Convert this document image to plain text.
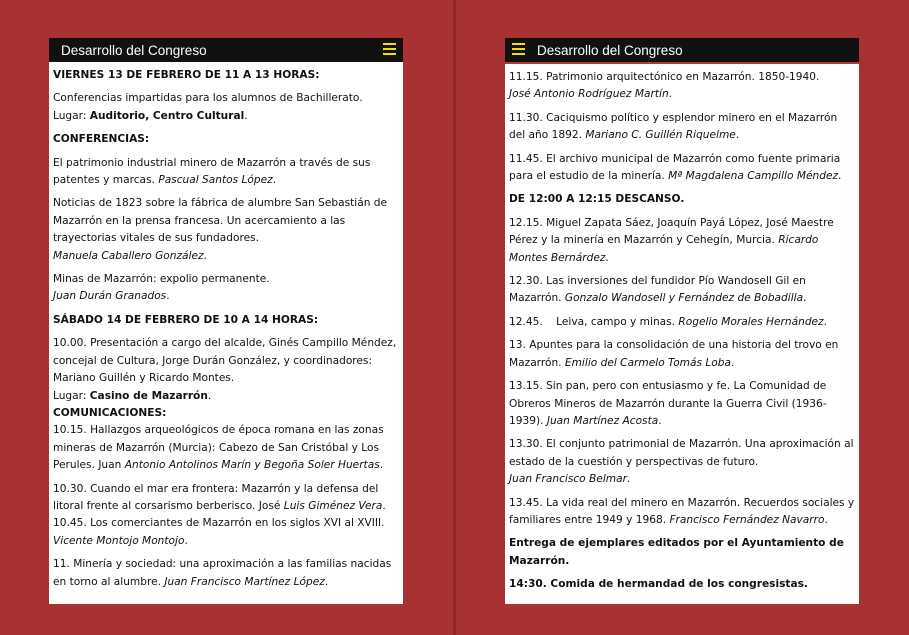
Desarrollo del Congreso

VIERNES 13 DE FEBRERO DE 11 A 13 HORAS:

Conferencias impartidas para los alumnos de Bachillerato.

Lugar: Auditorio, Centro Cultural.

CONFERENCIAS:

El patrimonio industrial minero de Mazarrón a través de sus patentes y marcas. Pascual Santos López.

Noticias de 1823 sobre la fábrica de alumbre San Sebastián de Mazarrón en la prensa francesa. Un acercamiento a las trayectorias vitales de sus fundadores.
Manuela Caballero González.

Minas de Mazarrón: expolio permanente.
Juan Durán Granados.

SÁBADO 14 DE FEBRERO DE 10 A 14 HORAS:

10.00. Presentación a cargo del alcalde, Ginés Campillo Méndez, concejal de Cultura, Jorge Durán González, y coordinadores: Mariano Guillén y Ricardo Montes.

Lugar: Casino de Mazarrón.

COMUNICACIONES:

10.15. Hallazgos arqueológicos de época romana en las zonas mineras de Mazarrón (Murcia): Cabezo de San Cristóbal y Los Perules. Juan Antonio Antolinos Marín y Begoña Soler Huertas.

10.30. Cuando el mar era frontera: Mazarrón y la defensa del litoral frente al corsarismo berberisco. José Luis Giménez Vera.

10.45. Los comerciantes de Mazarrón en los siglos XVI al XVIII. Vicente Montojo Montojo.

11. Minería y sociedad: una aproximación a las familias nacidas en torno al alumbre. Juan Francisco Martínez López.

Desarrollo del Congreso

11.15. Patrimonio arquitectónico en Mazarrón. 1850-1940.
José Antonio Rodríguez Martín.

11.30. Caciquismo político y esplendor minero en el Mazarrón del año 1892. Mariano C. Guillén Riquelme.

11.45. El archivo municipal de Mazarrón como fuente primaria para el estudio de la minería. Mª Magdalena Campillo Méndez.

DE 12:00 A 12:15 DESCANSO.

12.15. Miguel Zapata Sáez, Joaquín Payá López, José Maestre Pérez y la minería en Mazarrón y Cehegín, Murcia. Ricardo Montes Bernárdez.

12.30. Las inversiones del fundidor Pío Wandosell Gil en Mazarrón. Gonzalo Wandosell y Fernández de Bobadilla.

12.45.    Leiva, campo y minas. Rogelio Morales Hernández.

13. Apuntes para la consolidación de una historia del trovo en Mazarrón. Emilio del Carmelo Tomás Loba.

13.15. Sin pan, pero con entusiasmo y fe. La Comunidad de Obreros Mineros de Mazarrón durante la Guerra Civil (1936-1939). Juan Martínez Acosta.

13.30. El conjunto patrimonial de Mazarrón. Una aproximación al estado de la cuestión y perspectivas de futuro.
Juan Francisco Belmar.

13.45. La vida real del minero en Mazarrón. Recuerdos sociales y familiares entre 1949 y 1968. Francisco Fernández Navarro.

Entrega de ejemplares editados por el Ayuntamiento de Mazarrón.

14:30. Comida de hermandad de los congresistas.
